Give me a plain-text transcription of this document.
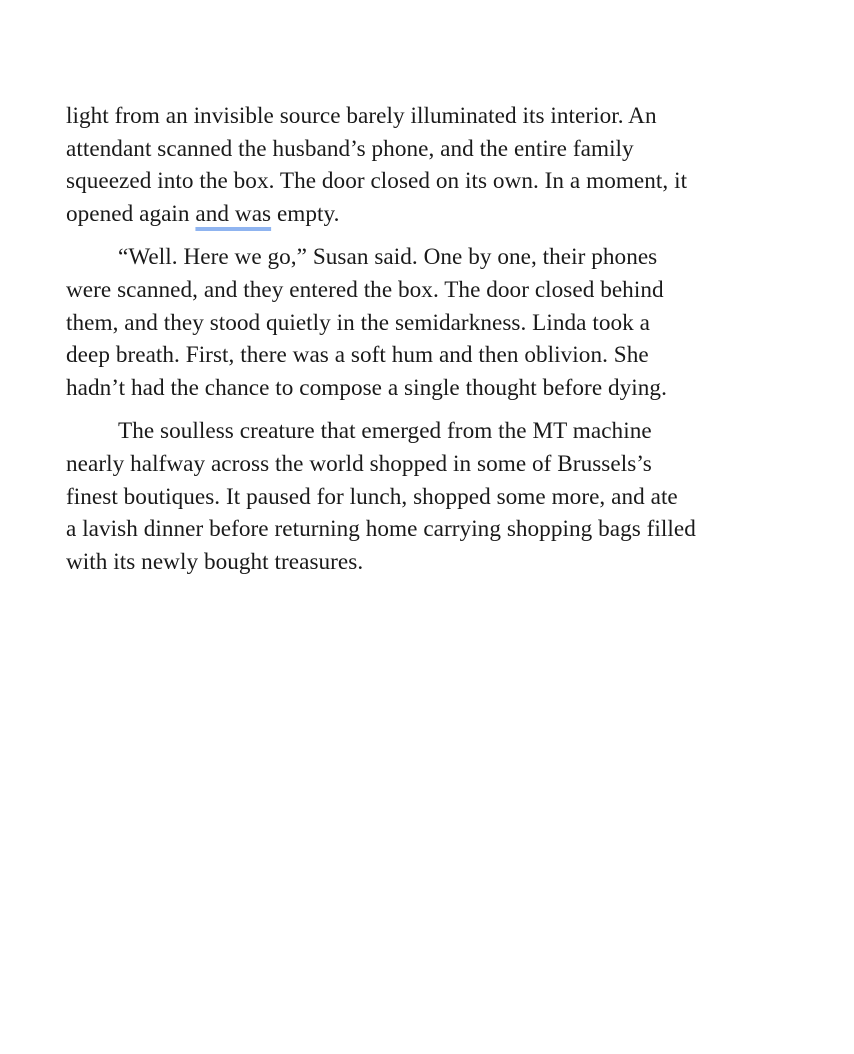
light from an invisible source barely illuminated its interior. An
attendant scanned the husband’s phone, and the entire family
squeezed into the box. The door closed on its own. In a moment, it
opened again and was empty.

“Well. Here we go,” Susan said. One by one, their phones
were scanned, and they entered the box. The door closed behind
them, and they stood quietly in the semidarkness. Linda took a
deep breath. First, there was a soft hum and then oblivion. She
hadn’t had the chance to compose a single thought before dying.

The soulless creature that emerged from the MT machine
nearly halfway across the world shopped in some of Brussels’s
finest boutiques. It paused for lunch, shopped some more, and ate
a lavish dinner before returning home carrying shopping bags filled
with its newly bought treasures.
